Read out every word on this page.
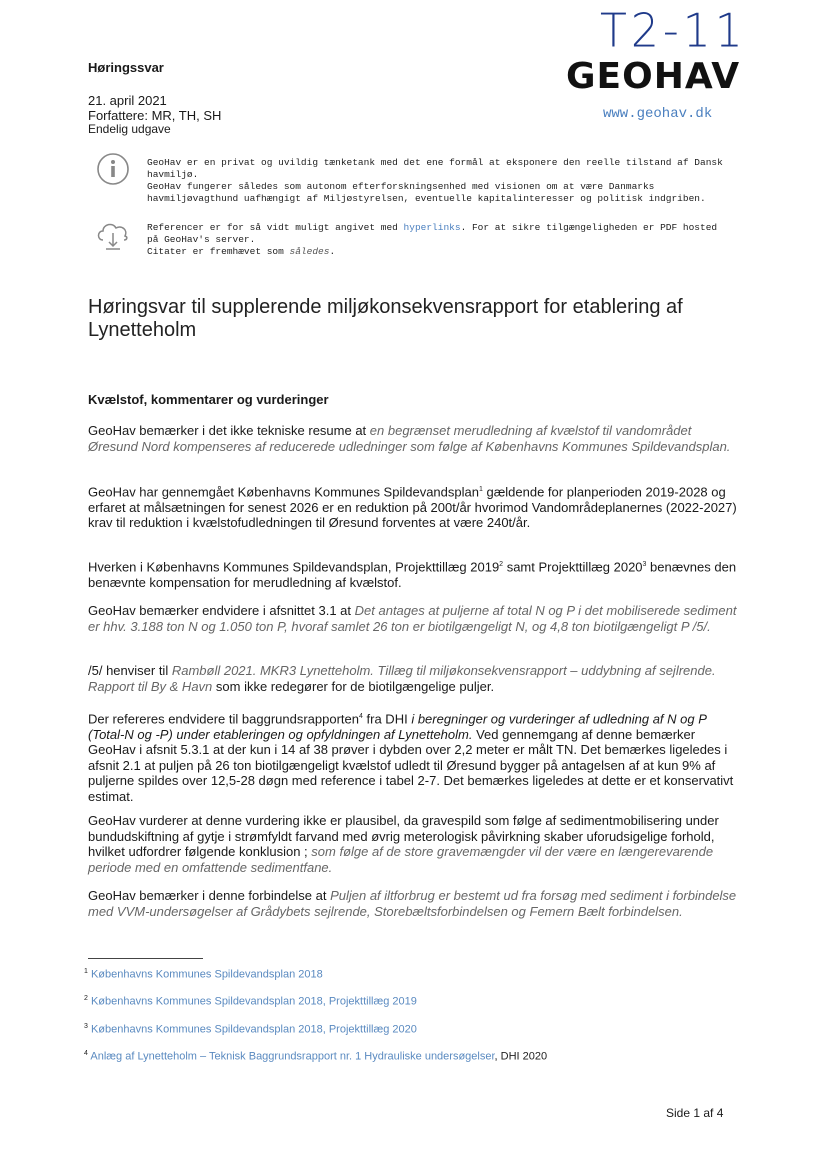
T2-11
Høringssvar
21. april 2021
Forfattere: MR, TH, SH
Endelig udgave
GEOHAV
www.geohav.dk
GeoHav er en privat og uvildig tænketank med det ene formål at eksponere den reelle tilstand af Dansk
havmiljø.
GeoHav fungerer således som autonom efterforskningsenhed med visionen om at være Danmarks
havmiljøvagthund uafhængigt af Miljøstyrelsen, eventuelle kapitalinteresser og politisk indgriben.
Referencer er for så vidt muligt angivet med hyperlinks. For at sikre tilgængeligheden er PDF hosted
på GeoHav's server.
Citater er fremhævet som således.
Høringsvar til supplerende miljøkonsekvensrapport for etablering af Lynetteholm
Kvælstof, kommentarer og vurderinger
GeoHav bemærker i det ikke tekniske resume at en begrænset merudledning af kvælstof til vandområdet Øresund Nord kompenseres af reducerede udledninger som følge af Københavns Kommunes Spildevandsplan.
GeoHav har gennemgået Københavns Kommunes Spildevandsplan$^1$ gældende for planperioden 2019-2028 og erfaret at målsætningen for senest 2026 er en reduktion på 200t/år hvorimod Vandområdeplanernes (2022-2027) krav til reduktion i kvælstofudledningen til Øresund forventes at være 240t/år.
Hverken i Københavns Kommunes Spildevandsplan, Projekttillæg 2019$^2$ samt Projekttillæg 2020$^3$ benævnes den benævnte kompensation for merudledning af kvælstof.
GeoHav bemærker endvidere i afsnittet 3.1 at Det antages at puljerne af total N og P i det mobiliserede sediment er hhv. 3.188 ton N og 1.050 ton P, hvoraf samlet 26 ton er biotilgængeligt N, og 4,8 ton biotilgængeligt P /5/.
/5/ henviser til Rambøll 2021. MKR3 Lynetteholm. Tillæg til miljøkonsekvensrapport – uddybning af sejlrende. Rapport til By & Havn som ikke redegører for de biotilgængelige puljer.
Der refereres endvidere til baggrundsrapporten$^4$ fra DHI i beregninger og vurderinger af udledning af N og P (Total-N og -P) under etableringen og opfyldningen af Lynetteholm. Ved gennemgang af denne bemærker GeoHav i afsnit 5.3.1 at der kun i 14 af 38 prøver i dybden over 2,2 meter er målt TN. Det bemærkes ligeledes i afsnit 2.1 at puljen på 26 ton biotilgængeligt kvælstof udledt til Øresund bygger på antagelsen af at kun 9% af puljerne spildes over 12,5-28 døgn med reference i tabel 2-7. Det bemærkes ligeledes at dette er et konservativt estimat.
GeoHav vurderer at denne vurdering ikke er plausibel, da gravespild som følge af sedimentmobilisering under bundudskiftning af gytje i strømfyldt farvand med øvrig meterologisk påvirkning skaber uforudsigelige forhold, hvilket udfordrer følgende konklusion ; som følge af de store gravemængder vil der være en længerevarende periode med en omfattende sedimentfane.
GeoHav bemærker i denne forbindelse at Puljen af iltforbrug er bestemt ud fra forsøg med sediment i forbindelse med VVM-undersøgelser af Grådybets sejlrende, Storebæltsforbindelsen og Femern Bælt forbindelsen.
$^1$ Københavns Kommunes Spildevandsplan 2018
$^2$ Københavns Kommunes Spildevandsplan 2018, Projekttillæg 2019
$^3$ Københavns Kommunes Spildevandsplan 2018, Projekttillæg 2020
$^4$ Anlæg af Lynetteholm – Teknisk Baggrundsrapport nr. 1 Hydrauliske undersøgelser, DHI 2020
Side 1 af 4
